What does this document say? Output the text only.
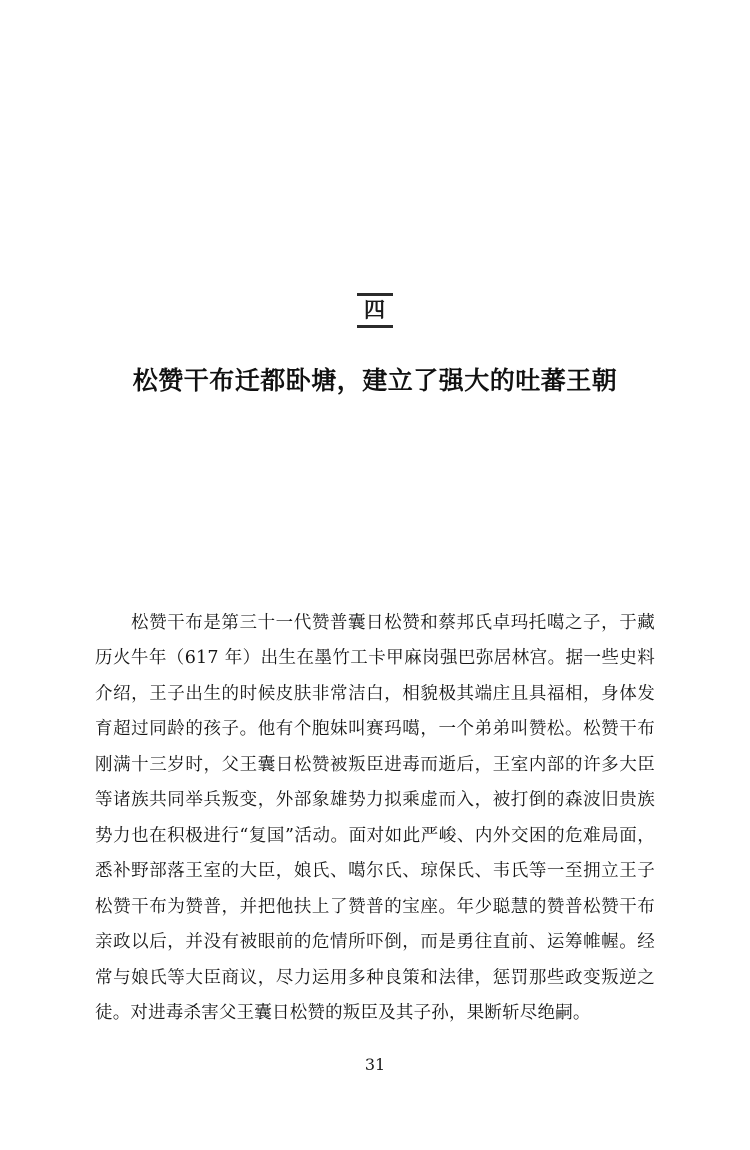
四
松赞干布迁都卧塘，建立了强大的吐蕃王朝

松赞干布是第三十一代赞普囊日松赞和蔡邦氏卓玛托噶之子，于藏历火牛年（617 年）出生在墨竹工卡甲麻岗强巴弥居林宫。据一些史料介绍，王子出生的时候皮肤非常洁白，相貌极其端庄且具福相，身体发育超过同龄的孩子。他有个胞妹叫赛玛噶，一个弟弟叫赞松。松赞干布刚满十三岁时，父王囊日松赞被叛臣进毒而逝后，王室内部的许多大臣等诸族共同举兵叛变，外部象雄势力拟乘虚而入，被打倒的森波旧贵族势力也在积极进行“复国”活动。面对如此严峻、内外交困的危难局面，悉补野部落王室的大臣，娘氏、噶尔氏、琼保氏、韦氏等一至拥立王子松赞干布为赞普，并把他扶上了赞普的宝座。年少聪慧的赞普松赞干布亲政以后，并没有被眼前的危情所吓倒，而是勇往直前、运筹帷幄。经常与娘氏等大臣商议，尽力运用多种良策和法律，惩罚那些政变叛逆之徒。对进毒杀害父王囊日松赞的叛臣及其子孙，果断斩尽绝嗣。

31
